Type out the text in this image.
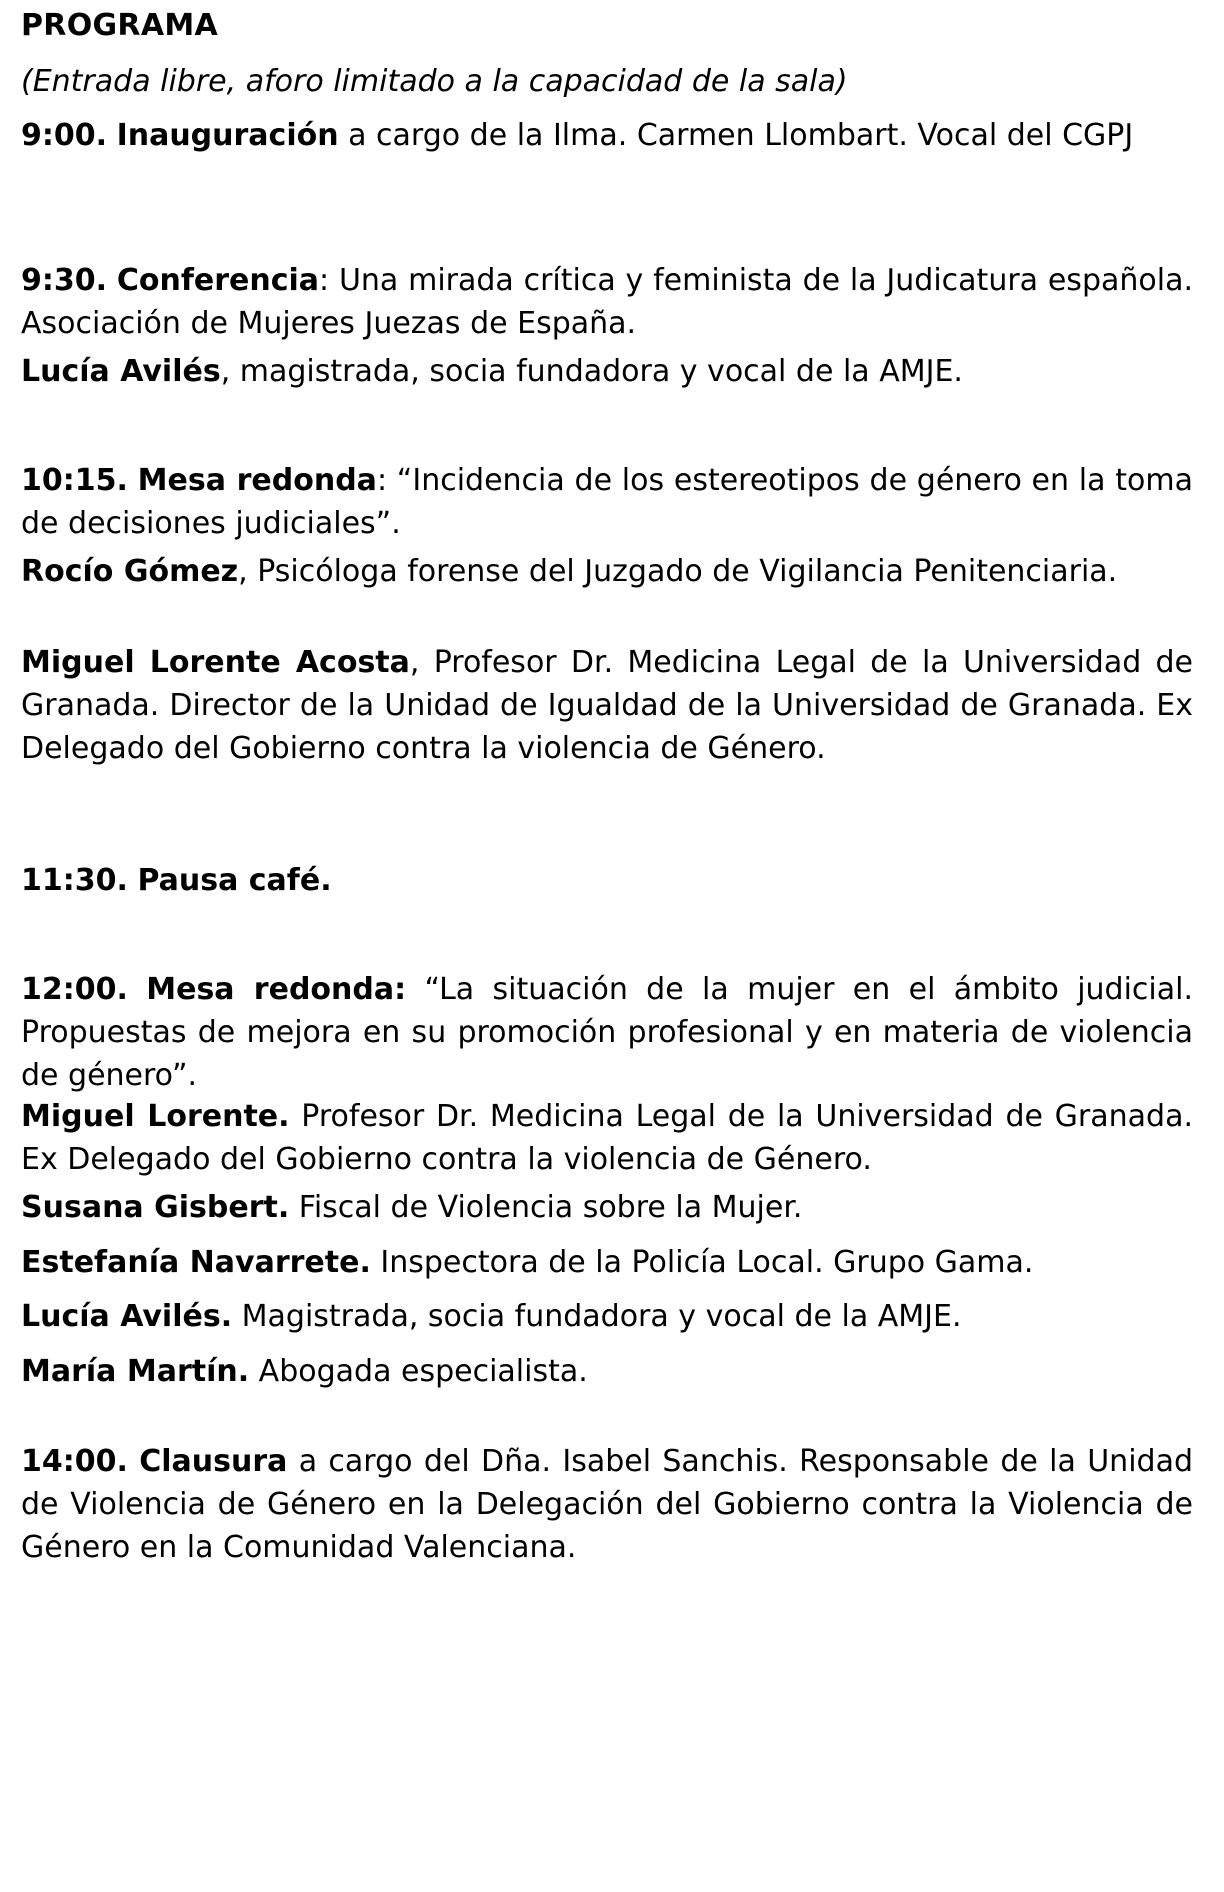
PROGRAMA
(Entrada libre, aforo limitado a la capacidad de la sala)

9:00. Inauguración a cargo de la Ilma. Carmen Llombart. Vocal del CGPJ

9:30. Conferencia: Una mirada crítica y feminista de la Judicatura española. Asociación de Mujeres Juezas de España.

Lucía Avilés, magistrada, socia fundadora y vocal de la AMJE.

10:15. Mesa redonda: “Incidencia de los estereotipos de género en la toma de decisiones judiciales”.

Rocío Gómez, Psicóloga forense del Juzgado de Vigilancia Penitenciaria.

Miguel Lorente Acosta, Profesor Dr. Medicina Legal de la Universidad de Granada. Director de la Unidad de Igualdad de la Universidad de Granada. Ex Delegado del Gobierno contra la violencia de Género.

11:30. Pausa café.

12:00. Mesa redonda: “La situación de la mujer en el ámbito judicial. Propuestas de mejora en su promoción profesional y en materia de violencia de género”.

Miguel Lorente. Profesor Dr. Medicina Legal de la Universidad de Granada. Ex Delegado del Gobierno contra la violencia de Género.

Susana Gisbert. Fiscal de Violencia sobre la Mujer.

Estefanía Navarrete. Inspectora de la Policía Local. Grupo Gama.

Lucía Avilés. Magistrada, socia fundadora y vocal de la AMJE.

María Martín. Abogada especialista.

14:00. Clausura a cargo del Dña. Isabel Sanchis. Responsable de la Unidad de Violencia de Género en la Delegación del Gobierno contra la Violencia de Género en la Comunidad Valenciana.
